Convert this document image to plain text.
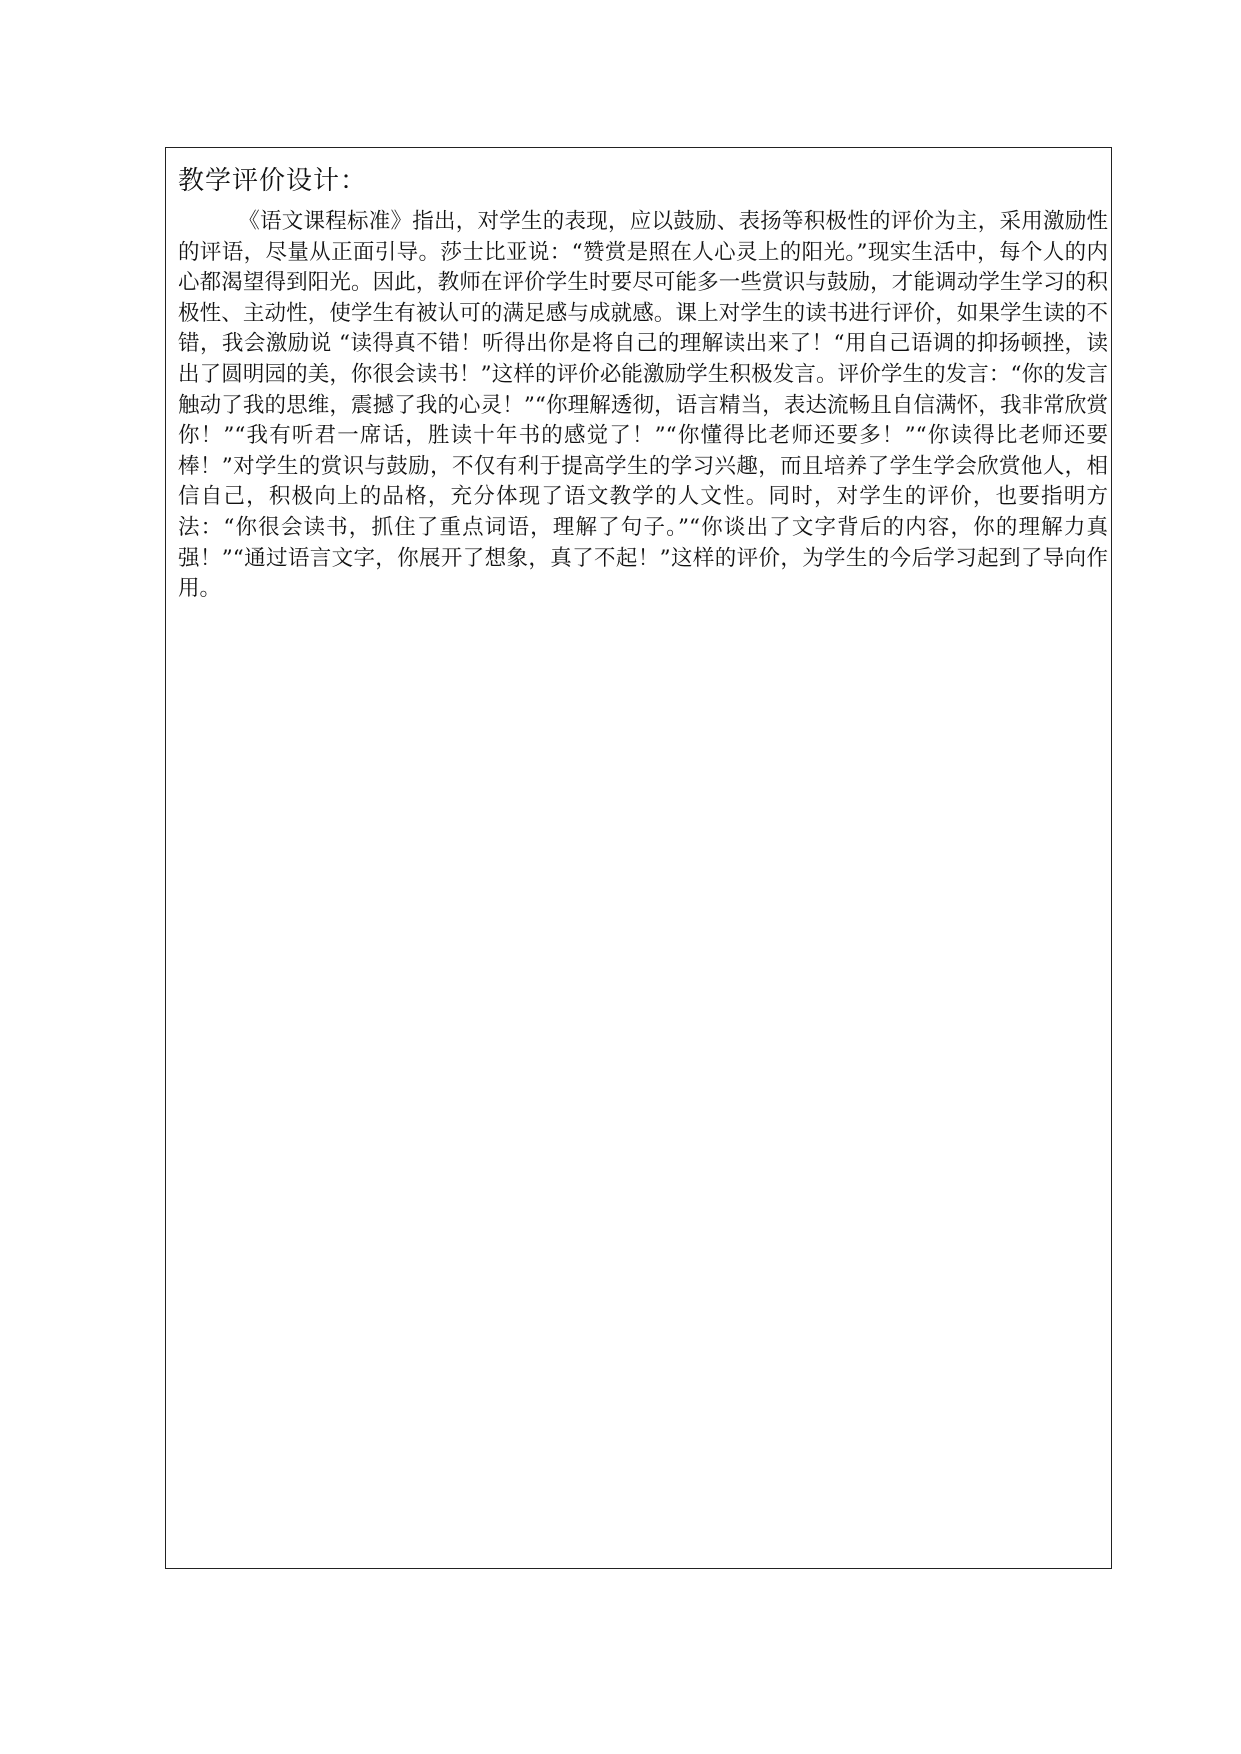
教学评价设计：
《语文课程标准》指出，对学生的表现，应以鼓励、表扬等积极性的评价为主，采用激励性的评语，尽量从正面引导。莎士比亚说：“赞赏是照在人心灵上的阳光。”现实生活中，每个人的内心都渴望得到阳光。因此，教师在评价学生时要尽可能多一些赏识与鼓励，才能调动学生学习的积极性、主动性，使学生有被认可的满足感与成就感。课上对学生的读书进行评价，如果学生读的不错，我会激励说 “读得真不错！听得出你是将自己的理解读出来了！“用自己语调的抑扬顿挫，读出了圆明园的美，你很会读书！”这样的评价必能激励学生积极发言。评价学生的发言：“你的发言触动了我的思维，震撼了我的心灵！”“你理解透彻，语言精当，表达流畅且自信满怀，我非常欣赏你！”“我有听君一席话，胜读十年书的感觉了！”“你懂得比老师还要多！”“你读得比老师还要棒！”对学生的赏识与鼓励，不仅有利于提高学生的学习兴趣，而且培养了学生学会欣赏他人，相信自己，积极向上的品格，充分体现了语文教学的人文性。同时，对学生的评价，也要指明方法：“你很会读书，抓住了重点词语，理解了句子。”“你谈出了文字背后的内容，你的理解力真强！”“通过语言文字，你展开了想象，真了不起！”这样的评价，为学生的今后学习起到了导向作用。
